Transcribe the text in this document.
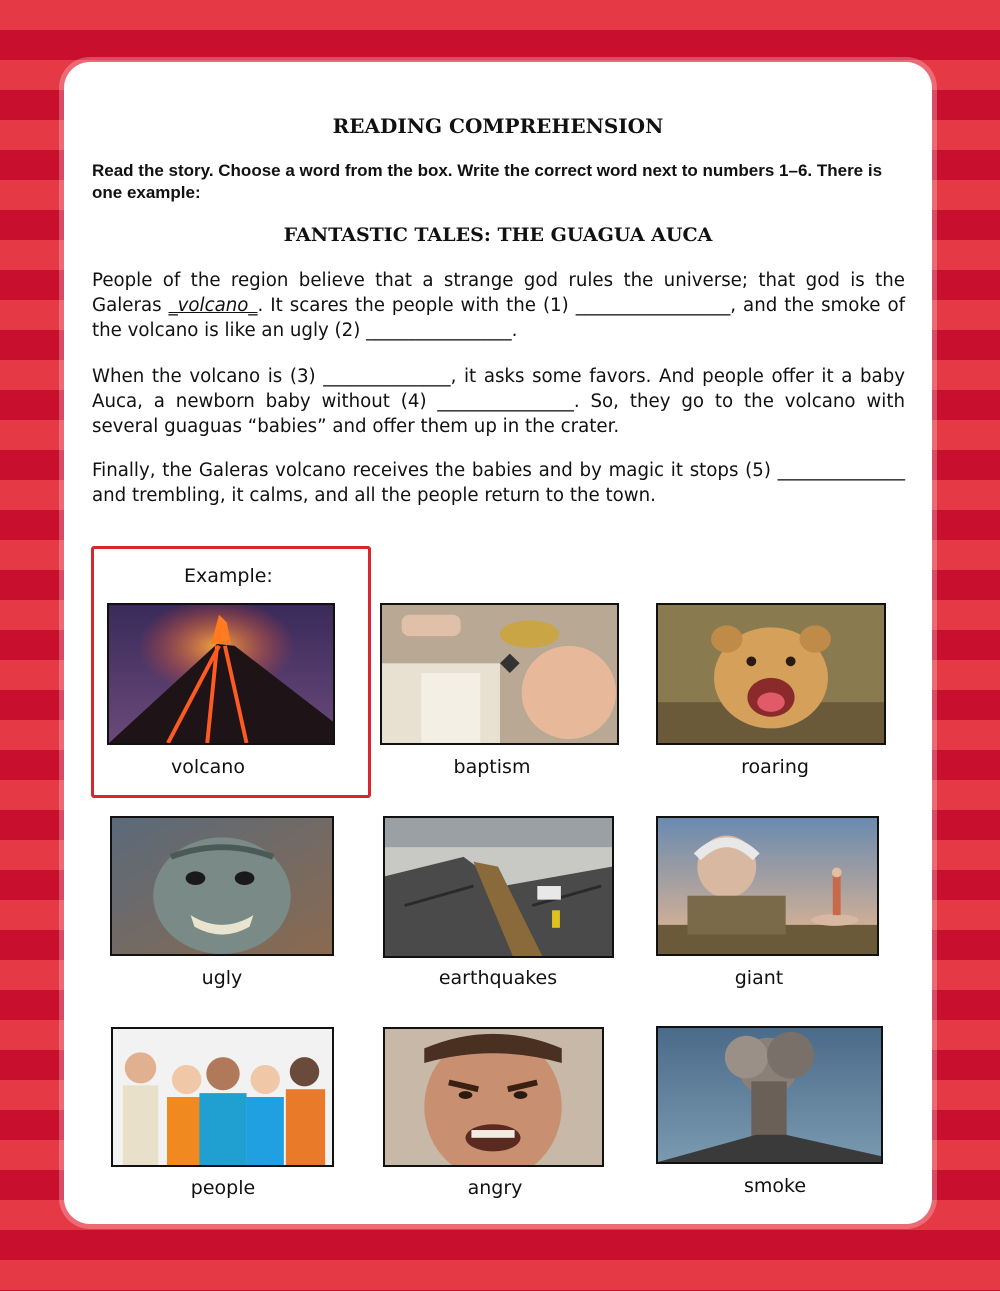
READING COMPREHENSION
Read the story. Choose a word from the box. Write the correct word next to numbers 1–6. There is one example:
FANTASTIC TALES: THE GUAGUA AUCA
People of the region believe that a strange god rules the universe; that god is the Galeras _volcano_. It scares the people with the (1) _________________, and the smoke of the volcano is like an ugly (2) ________________.
When the volcano is (3) ______________, it asks some favors. And people offer it a baby Auca, a newborn baby without (4) _______________. So, they go to the volcano with several guaguas “babies” and offer them up in the crater.
Finally, the Galeras volcano receives the babies and by magic it stops (5) ______________ and trembling, it calms, and all the people return to the town.
Example:
volcano	baptism	roaring
ugly	earthquakes	giant
people	angry	smoke
